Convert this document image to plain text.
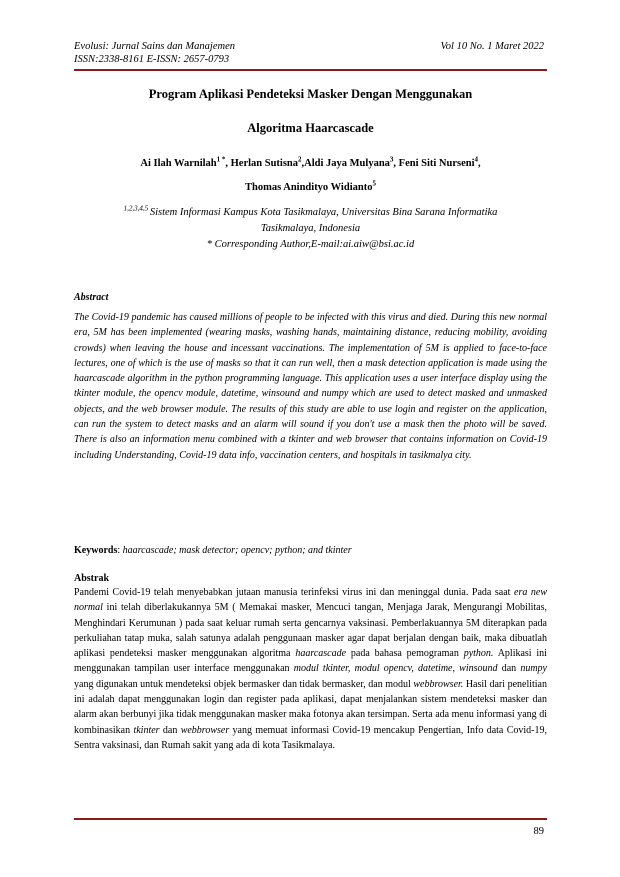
Evolusi: Jurnal Sains dan Manajemen
ISSN:2338-8161 E-ISSN: 2657-0793
Vol 10 No. 1 Maret 2022
Program Aplikasi Pendeteksi Masker Dengan Menggunakan
Algoritma Haarcascade
Ai Ilah Warnilah$^{1 *}$, Herlan Sutisna$^2$,Aldi Jaya Mulyana$^3$, Feni Siti Nurseni$^4$,
Thomas Anindityo Widianto$^5$
$^{1,2,3,4,5}$ Sistem Informasi Kampus Kota Tasikmalaya, Universitas Bina Sarana Informatika
Tasikmalaya, Indonesia
* Corresponding Author,E-mail:ai.aiw@bsi.ac.id
Abstract
The Covid-19 pandemic has caused millions of people to be infected with this virus and died. During this new normal era, 5M has been implemented (wearing masks, washing hands, maintaining distance, reducing mobility, avoiding crowds) when leaving the house and incessant vaccinations. The implementation of 5M is applied to face-to-face lectures, one of which is the use of masks so that it can run well, then a mask detection application is made using the haarcascade algorithm in the python programming language. This application uses a user interface display using the tkinter module, the opencv module, datetime, winsound and numpy which are used to detect masked and unmasked objects, and the web browser module. The results of this study are able to use login and register on the application, can run the system to detect masks and an alarm will sound if you don't use a mask then the photo will be saved. There is also an information menu combined with a tkinter and web browser that contains information on Covid-19 including Understanding, Covid-19 data info, vaccination centers, and hospitals in tasikmalya city.
Keywords: haarcascade; mask detector; opencv; python; and tkinter
Abstrak
Pandemi Covid-19 telah menyebabkan jutaan manusia terinfeksi virus ini dan meninggal dunia. Pada saat era new normal ini telah diberlakukannya 5M ( Memakai masker, Mencuci tangan, Menjaga Jarak, Mengurangi Mobilitas, Menghindari Kerumunan ) pada saat keluar rumah serta gencarnya vaksinasi. Pemberlakuannya 5M diterapkan pada perkuliahan tatap muka, salah satunya adalah penggunaan masker agar dapat berjalan dengan baik, maka dibuatlah aplikasi pendeteksi masker menggunakan algoritma haarcascade pada bahasa pemograman python. Aplikasi ini menggunakan tampilan user interface menggunakan modul tkinter, modul opencv, datetime, winsound dan numpy yang digunakan untuk mendeteksi objek bermasker dan tidak bermasker, dan modul webbrowser. Hasil dari penelitian ini adalah dapat menggunakan login dan register pada aplikasi, dapat menjalankan sistem mendeteksi masker dan alarm akan berbunyi jika tidak menggunakan masker maka fotonya akan tersimpan. Serta ada menu informasi yang di kombinasikan tkinter dan webbrowser yang memuat informasi Covid-19 mencakup Pengertian, Info data Covid-19, Sentra vaksinasi, dan Rumah sakit yang ada di kota Tasikmalaya.
89
